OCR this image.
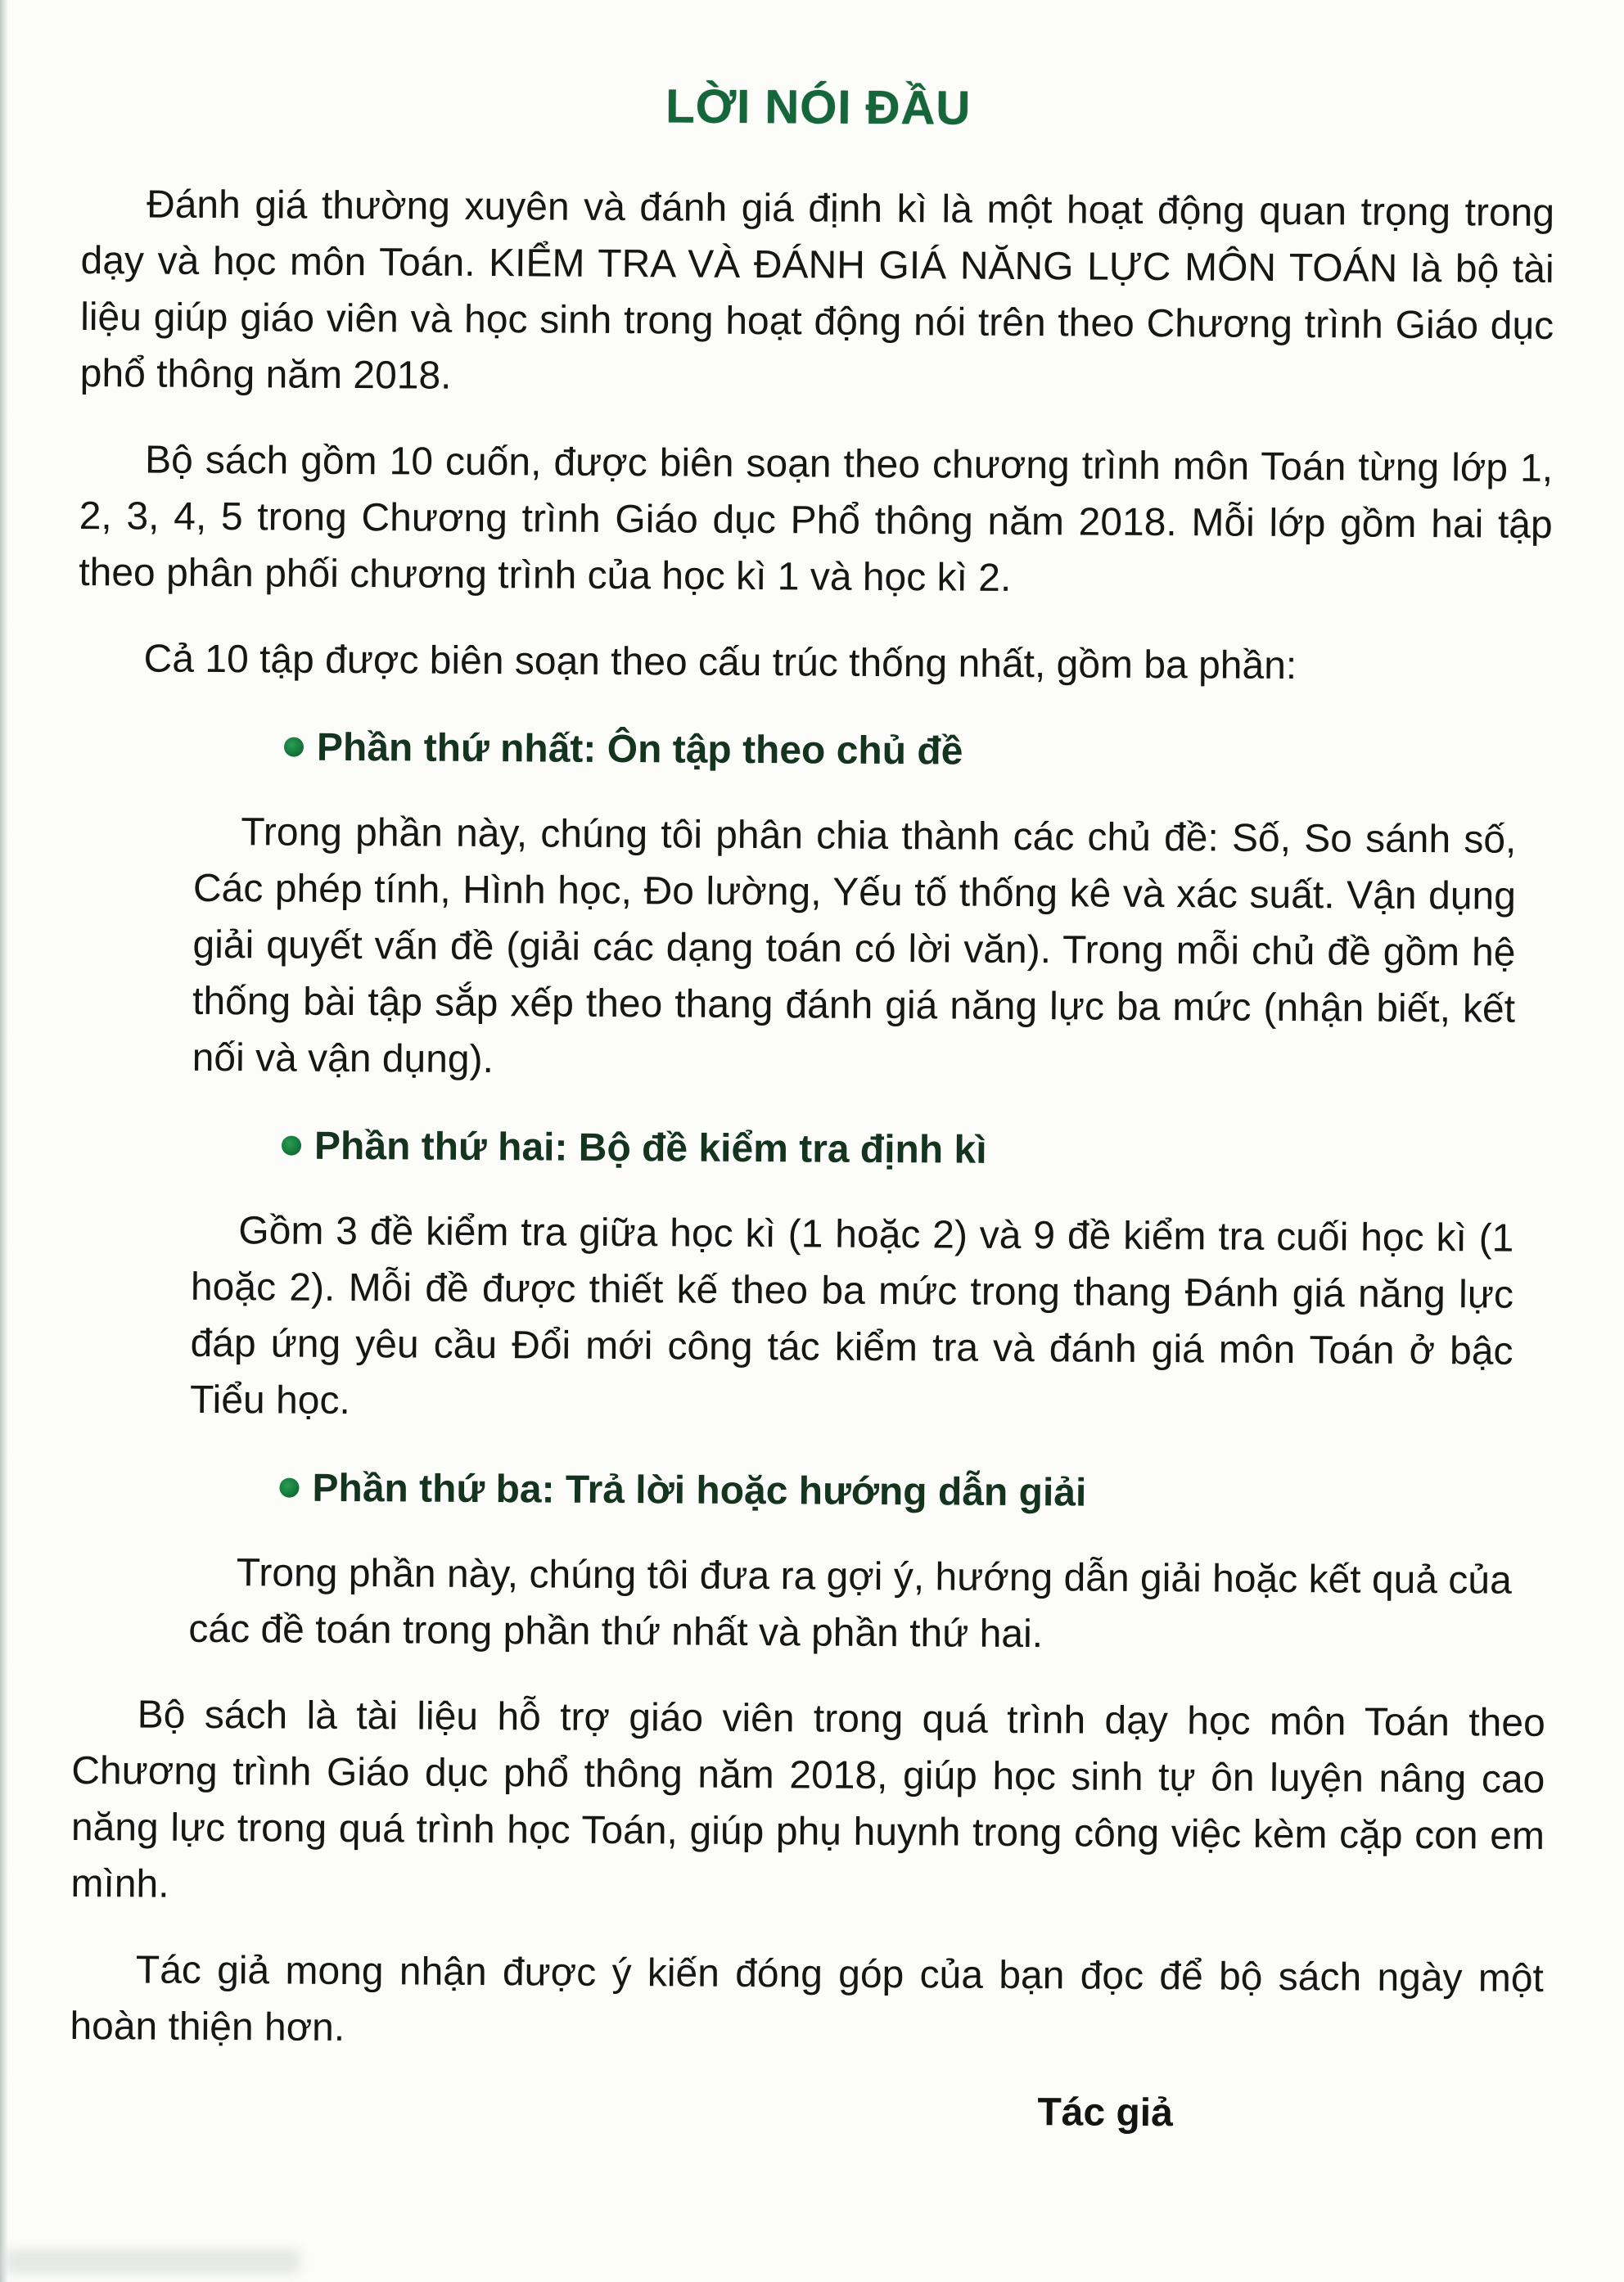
LỜI NÓI ĐẦU

Đánh giá thường xuyên và đánh giá định kì là một hoạt động quan trọng trong dạy và học môn Toán. KIỂM TRA VÀ ĐÁNH GIÁ NĂNG LỰC MÔN TOÁN là bộ tài liệu giúp giáo viên và học sinh trong hoạt động nói trên theo Chương trình Giáo dục phổ thông năm 2018.

Bộ sách gồm 10 cuốn, được biên soạn theo chương trình môn Toán từng lớp 1, 2, 3, 4, 5 trong Chương trình Giáo dục Phổ thông năm 2018. Mỗi lớp gồm hai tập theo phân phối chương trình của học kì 1 và học kì 2.

Cả 10 tập được biên soạn theo cấu trúc thống nhất, gồm ba phần:

Phần thứ nhất: Ôn tập theo chủ đề

Trong phần này, chúng tôi phân chia thành các chủ đề: Số, So sánh số, Các phép tính, Hình học, Đo lường, Yếu tố thống kê và xác suất. Vận dụng giải quyết vấn đề (giải các dạng toán có lời văn). Trong mỗi chủ đề gồm hệ thống bài tập sắp xếp theo thang đánh giá năng lực ba mức (nhận biết, kết nối và vận dụng).

Phần thứ hai: Bộ đề kiểm tra định kì

Gồm 3 đề kiểm tra giữa học kì (1 hoặc 2) và 9 đề kiểm tra cuối học kì (1 hoặc 2). Mỗi đề được thiết kế theo ba mức trong thang Đánh giá năng lực đáp ứng yêu cầu Đổi mới công tác kiểm tra và đánh giá môn Toán ở bậc Tiểu học.

Phần thứ ba: Trả lời hoặc hướng dẫn giải

Trong phần này, chúng tôi đưa ra gợi ý, hướng dẫn giải hoặc kết quả của các đề toán trong phần thứ nhất và phần thứ hai.

Bộ sách là tài liệu hỗ trợ giáo viên trong quá trình dạy học môn Toán theo Chương trình Giáo dục phổ thông năm 2018, giúp học sinh tự ôn luyện nâng cao năng lực trong quá trình học Toán, giúp phụ huynh trong công việc kèm cặp con em mình.

Tác giả mong nhận được ý kiến đóng góp của bạn đọc để bộ sách ngày một hoàn thiện hơn.

Tác giả
